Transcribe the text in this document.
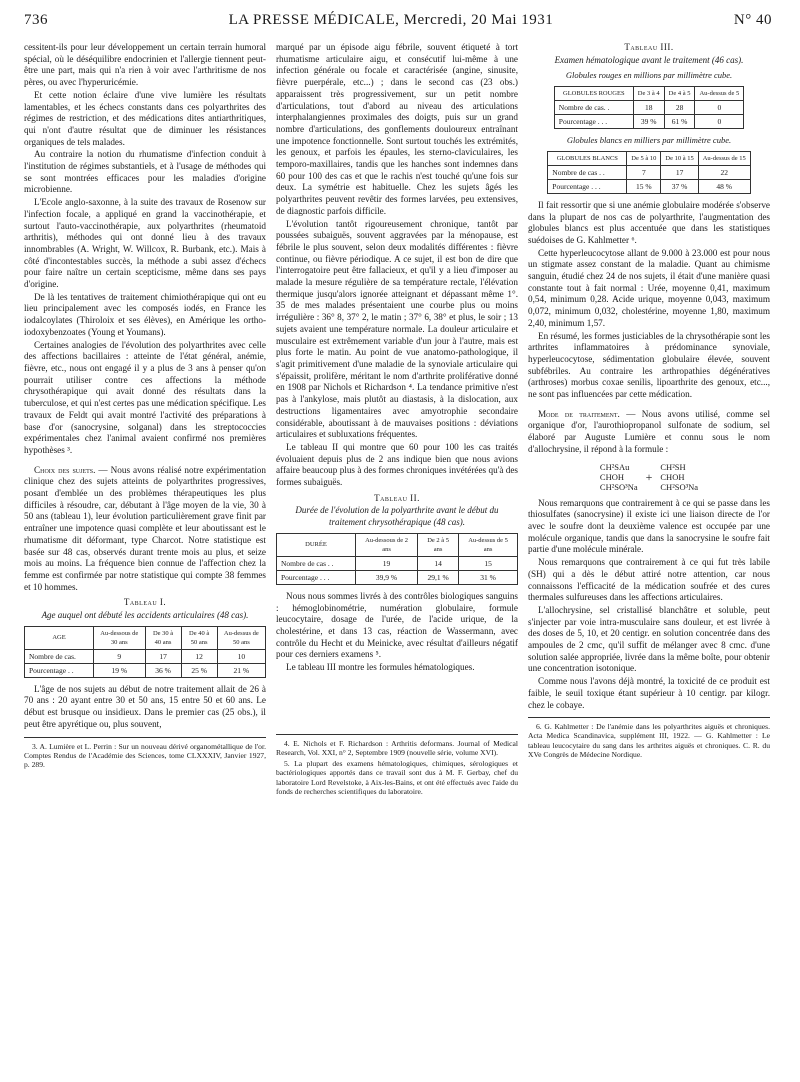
736	LA PRESSE MÉDICALE, Mercredi, 20 Mai 1931	N° 40

cessitent-ils pour leur développement un certain terrain humoral spécial, où le déséquilibre endocrinien et l'allergie tiennent peut-être une part, mais qui n'a rien à voir avec l'arthritisme de nos pères, ou avec l'hyperuricémie.

Et cette notion éclaire d'une vive lumière les résultats lamentables, et les échecs constants dans ces polyarthrites des régimes de restriction, et des médications dites antiarthritiques, qui n'ont d'autre résultat que de diminuer les résistances organiques de tels malades.

Au contraire la notion du rhumatisme d'infection conduit à l'institution de régimes substantiels, et à l'usage de méthodes qui se sont montrées efficaces pour les maladies d'origine microbienne.

L'Ecole anglo-saxonne, à la suite des travaux de Rosenow sur l'infection focale, a appliqué en grand la vaccinothérapie, et surtout l'auto-vaccinothérapie, aux polyarthrites (rheumatoid arthritis), méthodes qui ont donné lieu à des travaux innombrables (A. Wright, W. Willcox, R. Burbank, etc.). Mais à côté d'incontestables succès, la méthode a subi assez d'échecs pour faire naître un certain scepticisme, même dans ses pays d'origine.

De là les tentatives de traitement chimiothérapique qui ont eu lieu principalement avec les composés iodés, en France les iodalcoylates (Thiroloix et ses élèves), en Amérique les ortho-iodoxybenzoates (Young et Youmans).

Certaines analogies de l'évolution des polyarthrites avec celle des affections bacillaires : atteinte de l'état général, anémie, fièvre, etc., nous ont engagé il y a plus de 3 ans à penser qu'on pourrait utiliser contre ces affections la méthode chrysothérapique qui avait donné des résultats dans la tuberculose, et qui n'est certes pas une médication spécifique. Les travaux de Feldt qui avait montré l'activité des préparations à base d'or (sanocrysine, solganal) dans les streptococcies expérimentales chez l'animal avaient confirmé nos premières hypothèses ³.

Choix des sujets. — Nous avons réalisé notre expérimentation clinique chez des sujets atteints de polyarthrites progressives, posant d'emblée un des problèmes thérapeutiques les plus difficiles à résoudre, car, débutant à l'âge moyen de la vie, 30 à 50 ans (tableau 1), leur évolution particulièrement grave finit par entraîner une impotence quasi complète et leur aboutissant est le rhumatisme dit déformant, type Charcot. Notre statistique est basée sur 48 cas, observés durant trente mois au plus, et seize mois au moins. La fréquence bien connue de l'affection chez la femme est confirmée par notre statistique qui compte 38 femmes et 10 hommes.

Tableau I.
Age auquel ont débuté les accidents articulaires (48 cas).
AGE	Au-dessous de 30 ans	De 30 à 40 ans	De 40 à 50 ans	Au-dessus de 50 ans
Nombre de cas.	9	17	12	10
Pourcentage . .	19 %	36 %	25 %	21 %

L'âge de nos sujets au début de notre traitement allait de 26 à 70 ans : 20 ayant entre 30 et 50 ans, 15 entre 50 et 60 ans. Le début est brusque ou insidieux. Dans le premier cas (25 obs.), il peut être apyrétique ou, plus souvent,

3. A. Lumière et L. Perrin : Sur un nouveau dérivé organométallique de l'or. Comptes Rendus de l'Académie des Sciences, tome CLXXXIV, Janvier 1927, p. 289.

marqué par un épisode aigu fébrile, souvent étiqueté à tort rhumatisme articulaire aigu, et consécutif lui-même à une infection générale ou focale et caractérisée (angine, sinusite, fièvre puerpérale, etc...) ; dans le second cas (23 obs.) apparaissent très progressivement, sur un petit nombre d'articulations, tout d'abord au niveau des articulations interphalangiennes proximales des doigts, puis sur un grand nombre d'articulations, des gonflements douloureux entraînant une impotence fonctionnelle. Sont surtout touchés les extrémités, les genoux, et parfois les épaules, les sterno-claviculaires, les temporo-maxillaires, tandis que les hanches sont indemnes dans 60 pour 100 des cas et que le rachis n'est touché qu'une fois sur deux. La symétrie est habituelle. Chez les sujets âgés les polyarthrites peuvent revêtir des formes larvées, peu extensives, de diagnostic parfois difficile.

L'évolution tantôt rigoureusement chronique, tantôt par poussées subaiguës, souvent aggravées par la ménopause, est fébrile le plus souvent, selon deux modalités différentes : fièvre continue, ou fièvre périodique. A ce sujet, il est bon de dire que l'interrogatoire peut être fallacieux, et qu'il y a lieu d'imposer au malade la mesure régulière de sa température rectale, l'élévation thermique jusqu'alors ignorée atteignant et dépassant même 1°. 35 de mes malades présentaient une courbe plus ou moins irrégulière : 36° 8, 37° 2, le matin ; 37° 6, 38° et plus, le soir ; 13 sujets avaient une température normale. La douleur articulaire et musculaire est extrêmement variable d'un jour à l'autre, mais est plus forte le matin. Au point de vue anatomo-pathologique, il s'agit primitivement d'une maladie de la synoviale articulaire qui s'épaissit, prolifère, méritant le nom d'arthrite proliférative donné en 1908 par Nichols et Richardson ⁴. La tendance primitive n'est pas à l'ankylose, mais plutôt au diastasis, à la dislocation, aux destructions ligamentaires avec amyotrophie secondaire considérable, aboutissant à de mauvaises positions : déviations articulaires et subluxations fréquentes.

Le tableau II qui montre que 60 pour 100 les cas traités évoluaient depuis plus de 2 ans indique bien que nous avions affaire beaucoup plus à des formes chroniques invétérées qu'à des formes subaiguës.

Tableau II.
Durée de l'évolution de la polyarthrite avant le début du traitement chrysothérapique (48 cas).
DURÉE	Au-dessous de 2 ans	De 2 à 5 ans	Au-dessus de 5 ans
Nombre de cas . .	19	14	15
Pourcentage . . .	39,9 %	29,1 %	31 %

Nous nous sommes livrés à des contrôles biologiques sanguins : hémoglobinométrie, numération globulaire, formule leucocytaire, dosage de l'urée, de l'acide urique, de la cholestérine, et dans 13 cas, réaction de Wassermann, avec contrôle du Hecht et du Meinicke, avec résultat d'ailleurs négatif pour ces derniers examens ⁵.

Le tableau III montre les formules hématologiques.

4. E. Nichols et F. Richardson : Arthritis deformans. Journal of Medical Research, Vol. XXI, n° 2, Septembre 1909 (nouvelle série, volume XVI).

5. La plupart des examens hématologiques, chimiques, sérologiques et bactériologiques apportés dans ce travail sont dus à M. F. Gerbay, chef du laboratoire Lord Revelstoke, à Aix-les-Bains, et ont été effectués avec l'aide du fonds de recherches scientifiques du laboratoire.

Tableau III.
Examen hématologique avant le traitement (46 cas).
Globules rouges en millions par millimètre cube.
GLOBULES ROUGES	De 3 à 4	De 4 à 5	Au-dessus de 5
Nombre de cas. .	18	28	0
Pourcentage . . .	39 %	61 %	0
Globules blancs en milliers par millimètre cube.
GLOBULES BLANCS	De 5 à 10	De 10 à 15	Au-dessus de 15
Nombre de cas . .	7	17	22
Pourcentage . . .	15 %	37 %	48 %

Il fait ressortir que si une anémie globulaire modérée s'observe dans la plupart de nos cas de polyarthrite, l'augmentation des globules blancs est plus accentuée que dans les statistiques suédoises de G. Kahlmetter ⁶.

Cette hyperleucocytose allant de 9.000 à 23.000 est pour nous un stigmate assez constant de la maladie. Quant au chimisme sanguin, étudié chez 24 de nos sujets, il était d'une manière quasi constante tout à fait normal : Urée, moyenne 0,41, maximum 0,54, minimum 0,28. Acide urique, moyenne 0,043, maximum 0,072, minimum 0,032, cholestérine, moyenne 1,80, maximum 2,40, minimum 1,57.

En résumé, les formes justiciables de la chrysothérapie sont les arthrites inflammatoires à prédominance synoviale, hyperleucocytose, sédimentation globulaire élevée, souvent subfébriles. Au contraire les arthropathies dégénératives (arthroses) morbus coxae senilis, lipoarthrite des genoux, etc..., ne sont pas influencées par cette médication.

Mode de traitement. — Nous avons utilisé, comme sel organique d'or, l'aurothiopropanol sulfonate de sodium, sel élaboré par Auguste Lumière et connu sous le nom d'allochrysine, il répond à la formule :

CH²SAu
CHOH
CH²SO³Na
+
CH²SH
CHOH
CH²SO³Na

Nous remarquons que contrairement à ce qui se passe dans les thiosulfates (sanocrysine) il existe ici une liaison directe de l'or avec le soufre dont la deuxième valence est occupée par une molécule organique, tandis que dans la sanocrysine le soufre fait partie d'une molécule minérale.

Nous remarquons que contrairement à ce qui fut très labile (SH) qui a dès le début attiré notre attention, car nous connaissons l'efficacité de la médication soufrée et des cures thermales sulfureuses dans les affections articulaires.

L'allochrysine, sel cristallisé blanchâtre et soluble, peut s'injecter par voie intra-musculaire sans douleur, et est livrée à des doses de 5, 10, et 20 centigr. en solution concentrée dans des ampoules de 2 cmc, qu'il suffit de mélanger avec 8 cmc. d'une solution salée appropriée, livrée dans la même boîte, pour obtenir une concentration isotonique.

Comme nous l'avons déjà montré, la toxicité de ce produit est faible, le seuil toxique étant supérieur à 10 centigr. par kilogr. chez le cobaye.

6. G. Kahlmetter : De l'anémie dans les polyarthrites aiguës et chroniques. Acta Medica Scandinavica, supplément III, 1922. — G. Kahlmetter : Le tableau leucocytaire du sang dans les arthrites aiguës et chroniques. C. R. du XVe Congrès de Médecine Nordique.
